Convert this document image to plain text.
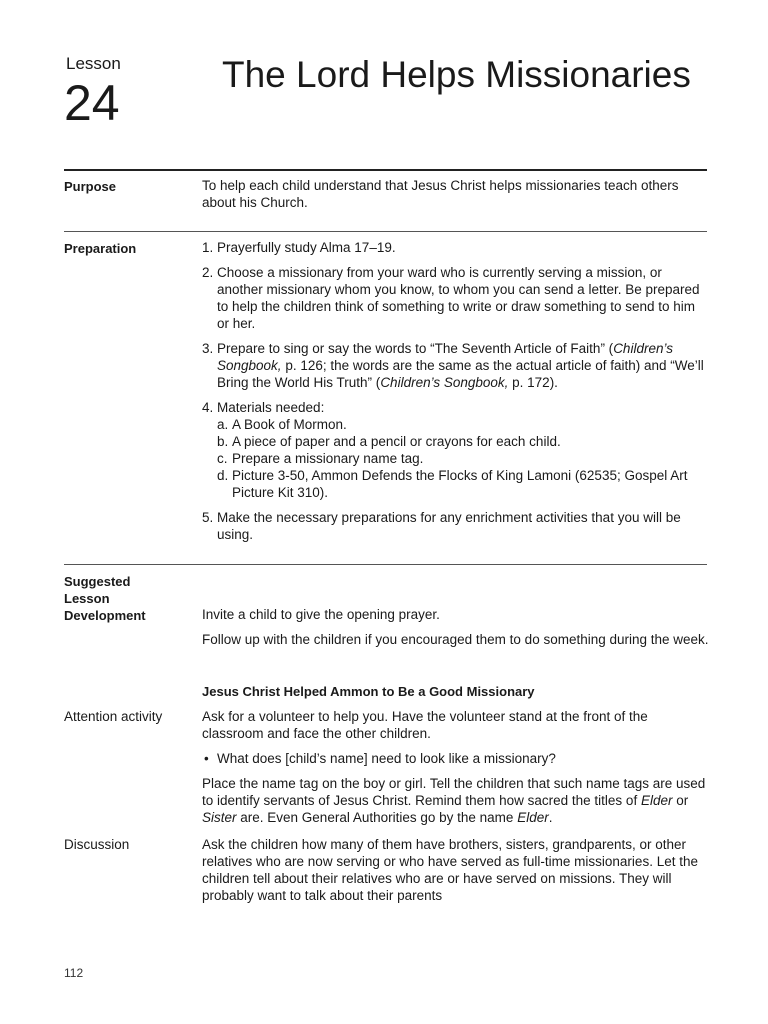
Lesson
24
The Lord Helps Missionaries
Purpose	To help each child understand that Jesus Christ helps missionaries teach others about his Church.

Preparation	1. Prayerfully study Alma 17–19.
2. Choose a missionary from your ward who is currently serving a mission, or another missionary whom you know, to whom you can send a letter. Be prepared to help the children think of something to write or draw something to send to him or her.
3. Prepare to sing or say the words to “The Seventh Article of Faith” (Children’s Songbook, p. 126; the words are the same as the actual article of faith) and “We’ll Bring the World His Truth” (Children’s Songbook, p. 172).
4. Materials needed:
a. A Book of Mormon.
b. A piece of paper and a pencil or crayons for each child.
c. Prepare a missionary name tag.
d. Picture 3-50, Ammon Defends the Flocks of King Lamoni (62535; Gospel Art Picture Kit 310).
5. Make the necessary preparations for any enrichment activities that you will be using.
Suggested
Lesson
Development	Invite a child to give the opening prayer.

Follow up with the children if you encouraged them to do something during the week.

Jesus Christ Helped Ammon to Be a Good Missionary
Attention activity	Ask for a volunteer to help you. Have the volunteer stand at the front of the classroom and face the other children.

• What does [child’s name] need to look like a missionary?

Place the name tag on the boy or girl. Tell the children that such name tags are used to identify servants of Jesus Christ. Remind them how sacred the titles of Elder or Sister are. Even General Authorities go by the name Elder.

Discussion	Ask the children how many of them have brothers, sisters, grandparents, or other relatives who are now serving or who have served as full-time missionaries. Let the children tell about their relatives who are or have served on missions. They will probably want to talk about their parents

112
